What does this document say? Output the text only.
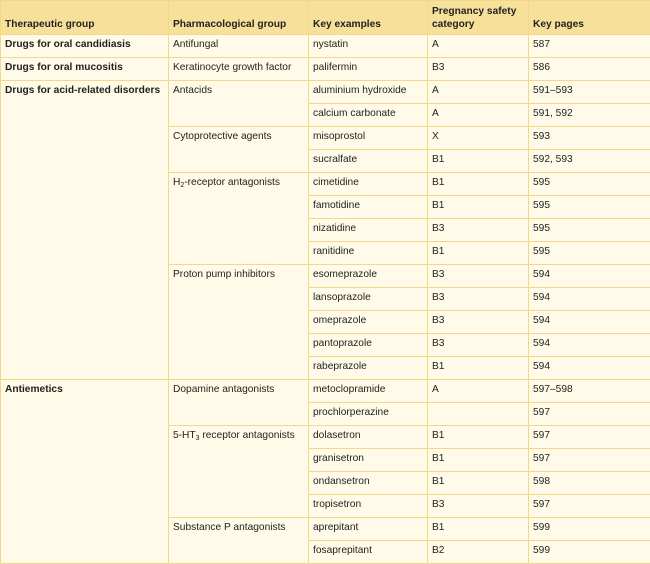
Therapeutic group	Pharmacological group	Key examples	Pregnancy safety category	Key pages
Drugs for oral candidiasis	Antifungal	nystatin	A	587
Drugs for oral mucositis	Keratinocyte growth factor	palifermin	B3	586
Drugs for acid-related disorders	Antacids	aluminium hydroxide	A	591–593
		calcium carbonate	A	591, 592
	Cytoprotective agents	misoprostol	X	593
		sucralfate	B1	592, 593
	$H_2$-receptor antagonists	cimetidine	B1	595
		famotidine	B1	595
		nizatidine	B3	595
		ranitidine	B1	595
	Proton pump inhibitors	esomeprazole	B3	594
		lansoprazole	B3	594
		omeprazole	B3	594
		pantoprazole	B3	594
		rabeprazole	B1	594
Antiemetics	Dopamine antagonists	metoclopramide	A	597–598
		prochlorperazine		597
	$5-HT_3$ receptor antagonists	dolasetron	B1	597
		granisetron	B1	597
		ondansetron	B1	598
		tropisetron	B3	597
	Substance P antagonists	aprepitant	B1	599
		fosaprepitant	B2	599
